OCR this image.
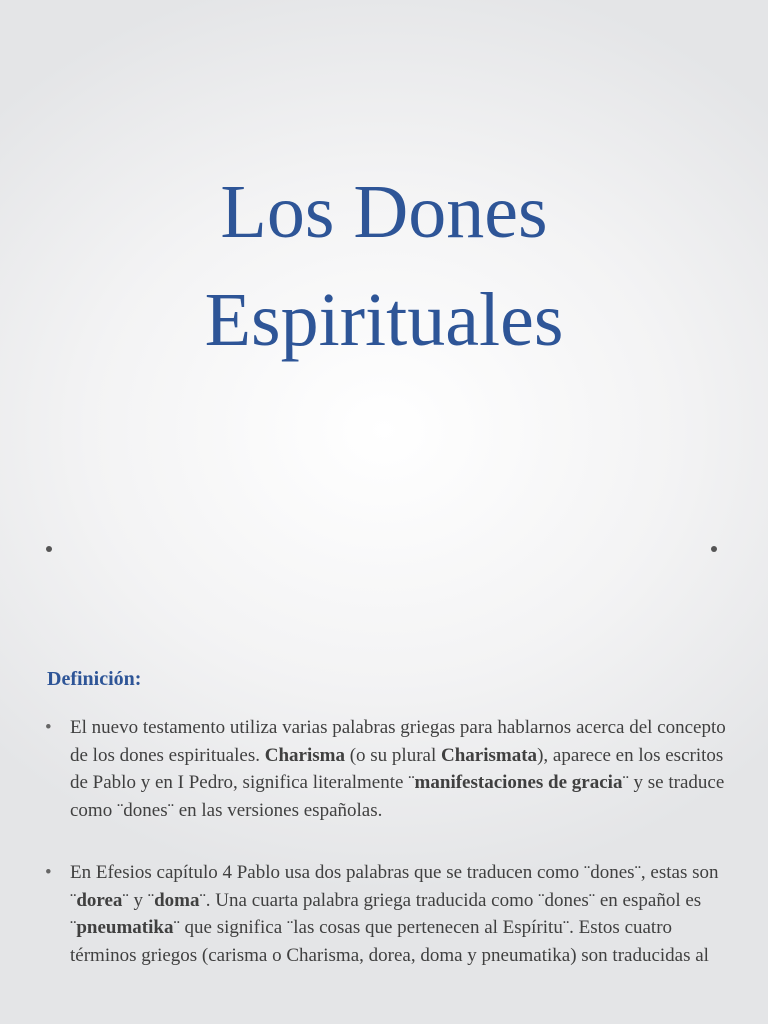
Los Dones
Espirituales
Definición:
• El nuevo testamento utiliza varias palabras griegas para hablarnos acerca del concepto de los dones espirituales. Charisma (o su plural Charismata), aparece en los escritos de Pablo y en I Pedro, significa literalmente ¨manifestaciones de gracia¨ y se traduce como ¨dones¨ en las versiones españolas.
• En Efesios capítulo 4 Pablo usa dos palabras que se traducen como ¨dones¨, estas son ¨dorea¨ y ¨doma¨. Una cuarta palabra griega traducida como ¨dones¨ en español es ¨pneumatika¨ que significa ¨las cosas que pertenecen al Espíritu¨. Estos cuatro términos griegos (carisma o Charisma, dorea, doma y pneumatika) son traducidas al
